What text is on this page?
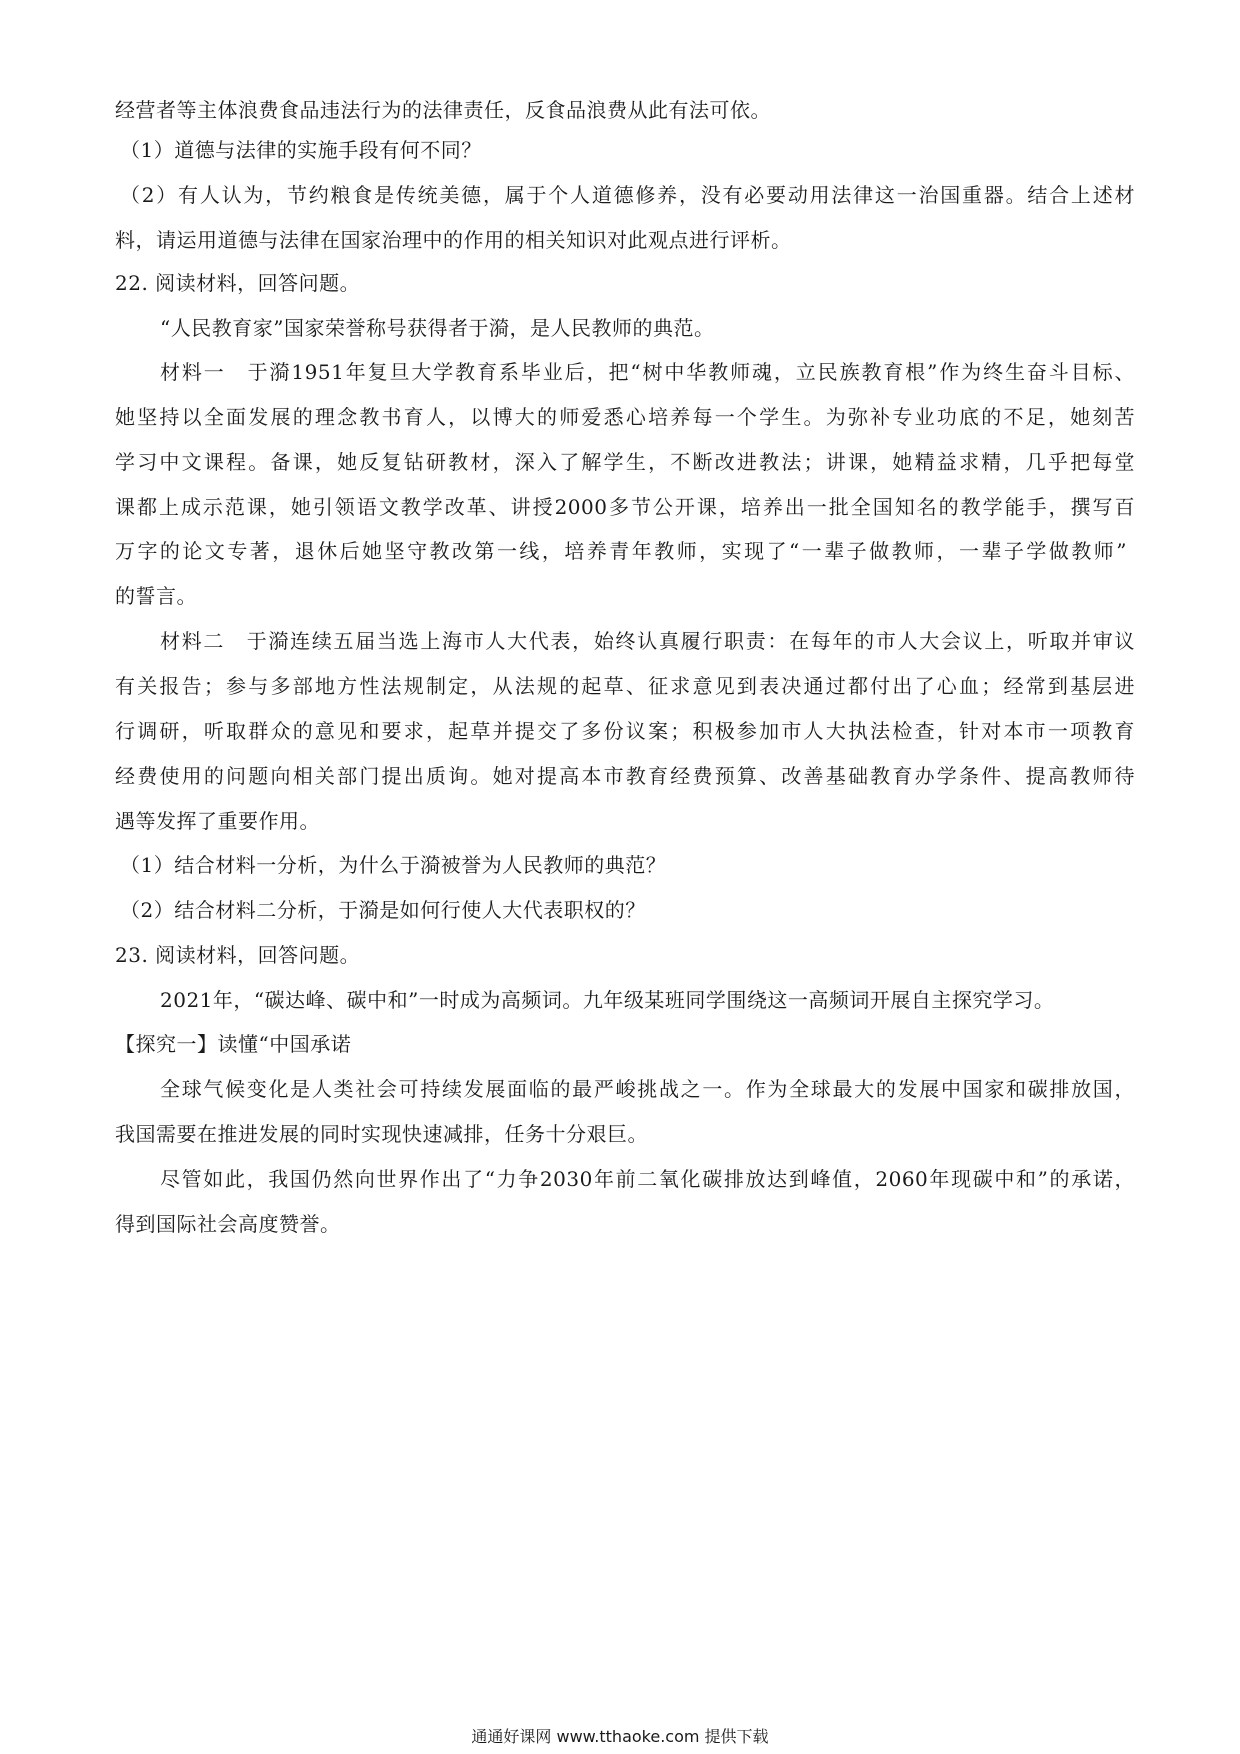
经营者等主体浪费食品违法行为的法律责任，反食品浪费从此有法可依。
（1）道德与法律的实施手段有何不同？
（2）有人认为，节约粮食是传统美德，属于个人道德修养，没有必要动用法律这一治国重器。结合上述材
料，请运用道德与法律在国家治理中的作用的相关知识对此观点进行评析。
22. 阅读材料，回答问题。
“人民教育家”国家荣誉称号获得者于漪，是人民教师的典范。
材料一　于漪1951年复旦大学教育系毕业后，把“树中华教师魂，立民族教育根”作为终生奋斗目标、
她坚持以全面发展的理念教书育人，以博大的师爱悉心培养每一个学生。为弥补专业功底的不足，她刻苦
学习中文课程。备课，她反复钻研教材，深入了解学生，不断改进教法；讲课，她精益求精，几乎把每堂
课都上成示范课，她引领语文教学改革、讲授2000多节公开课，培养出一批全国知名的教学能手，撰写百
万字的论文专著，退休后她坚守教改第一线，培养青年教师，实现了“一辈子做教师，一辈子学做教师”
的誓言。
材料二　于漪连续五届当选上海市人大代表，始终认真履行职责：在每年的市人大会议上，听取并审议
有关报告；参与多部地方性法规制定，从法规的起草、征求意见到表决通过都付出了心血；经常到基层进
行调研，听取群众的意见和要求，起草并提交了多份议案；积极参加市人大执法检查，针对本市一项教育
经费使用的问题向相关部门提出质询。她对提高本市教育经费预算、改善基础教育办学条件、提高教师待
遇等发挥了重要作用。
（1）结合材料一分析，为什么于漪被誉为人民教师的典范？
（2）结合材料二分析，于漪是如何行使人大代表职权的？
23. 阅读材料，回答问题。
2021年，“碳达峰、碳中和”一时成为高频词。九年级某班同学围绕这一高频词开展自主探究学习。
【探究一】读懂“中国承诺
全球气候变化是人类社会可持续发展面临的最严峻挑战之一。作为全球最大的发展中国家和碳排放国，
我国需要在推进发展的同时实现快速减排，任务十分艰巨。
尽管如此，我国仍然向世界作出了“力争2030年前二氧化碳排放达到峰值，2060年现碳中和”的承诺，
得到国际社会高度赞誉。
通通好课网 www.tthaoke.com 提供下载
